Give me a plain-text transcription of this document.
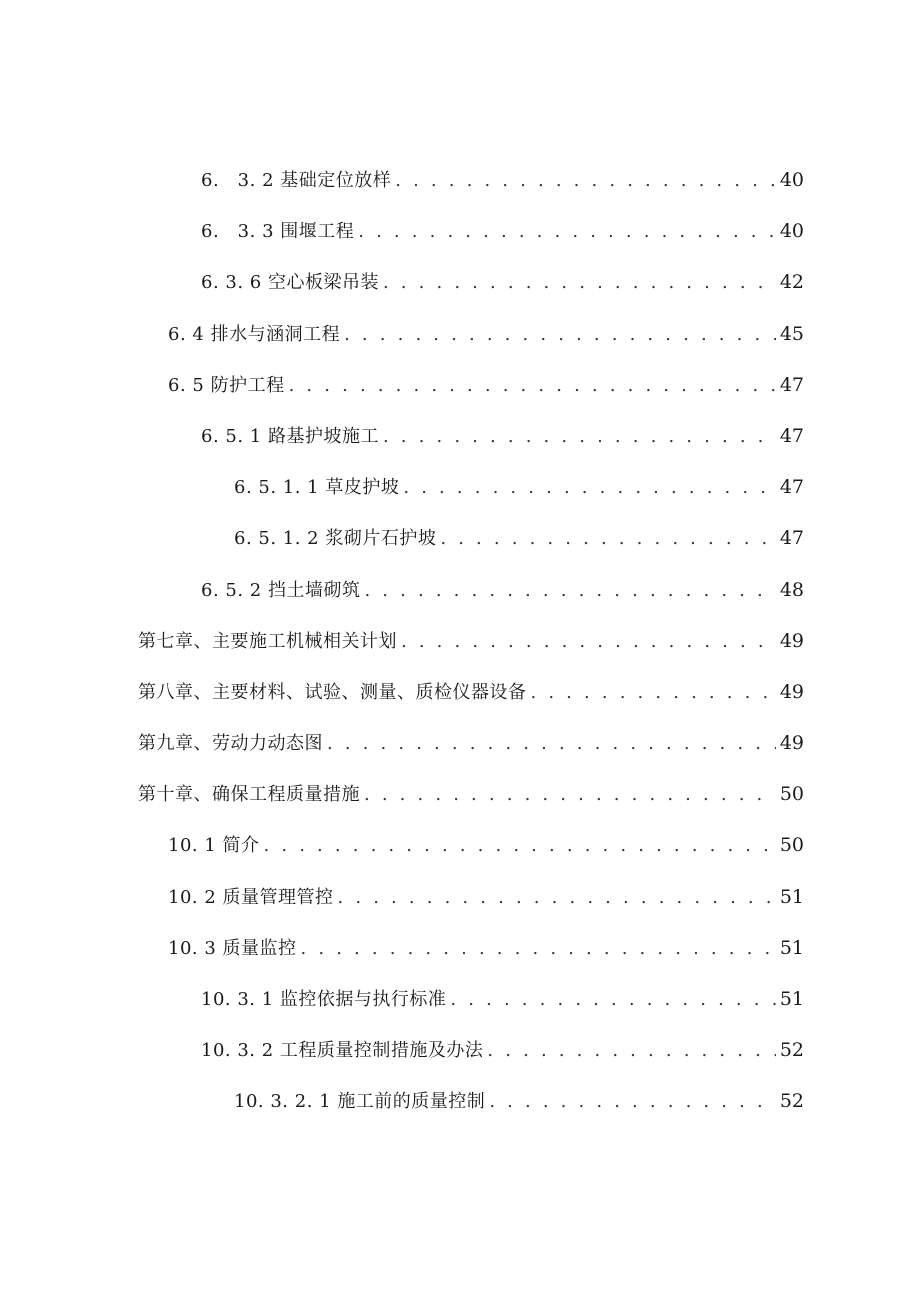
6.　3. 2 基础定位放样 . . .	40
6.　3. 3 围堰工程 . . .	40
6. 3. 6 空心板梁吊装 . . .	42
6. 4 排水与涵洞工程 . . .	45
6. 5 防护工程 . . .	47
6. 5. 1 路基护坡施工 . . .	47
6. 5. 1. 1 草皮护坡 . . .	47
6. 5. 1. 2 浆砌片石护坡 . . .	47
6. 5. 2 挡土墙砌筑 . . .	48
第七章、主要施工机械相关计划 . . .	49
第八章、主要材料、试验、测量、质检仪器设备 . . .	49
第九章、劳动力动态图 . . .	49
第十章、确保工程质量措施 . . .	50
10. 1 简介 . . .	50
10. 2 质量管理管控 . . .	51
10. 3 质量监控 . . .	51
10. 3. 1 监控依据与执行标准 . . .	51
10. 3. 2 工程质量控制措施及办法 . . .	52
10. 3. 2. 1 施工前的质量控制 . . .	52
